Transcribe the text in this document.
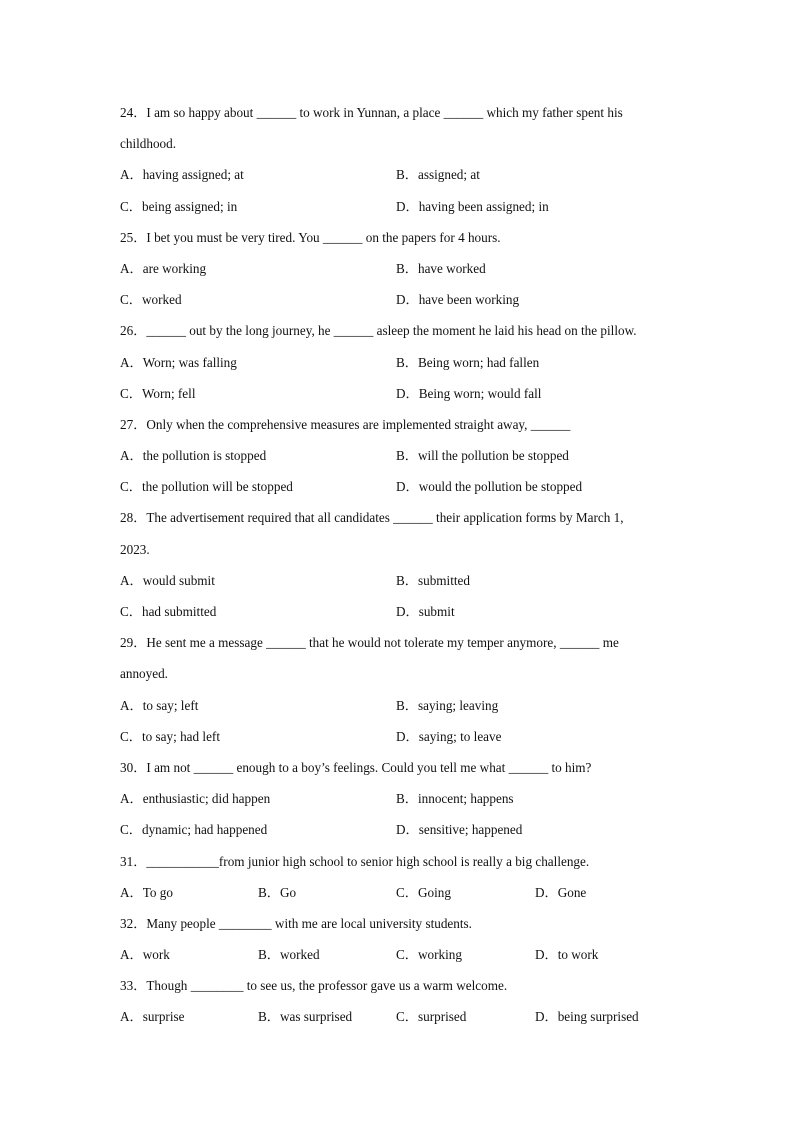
24．I am so happy about ______ to work in Yunnan, a place ______ which my father spent his
childhood.
A．having assigned; at	B．assigned; at
C．being assigned; in	D．having been assigned; in
25．I bet you must be very tired. You ______ on the papers for 4 hours.
A．are working	B．have worked
C．worked	D．have been working
26．______ out by the long journey, he ______ asleep the moment he laid his head on the pillow.
A．Worn; was falling	B．Being worn; had fallen
C．Worn; fell	D．Being worn; would fall
27．Only when the comprehensive measures are implemented straight away, ______
A．the pollution is stopped	B．will the pollution be stopped
C．the pollution will be stopped	D．would the pollution be stopped
28．The advertisement required that all candidates ______ their application forms by March 1,
2023.
A．would submit	B．submitted
C．had submitted	D．submit
29．He sent me a message ______ that he would not tolerate my temper anymore, ______ me
annoyed.
A．to say; left	B．saying; leaving
C．to say; had left	D．saying; to leave
30．I am not ______ enough to a boy’s feelings. Could you tell me what ______ to him?
A．enthusiastic; did happen	B．innocent; happens
C．dynamic; had happened	D．sensitive; happened
31．___________from junior high school to senior high school is really a big challenge.
A．To go	B．Go	C．Going	D．Gone
32．Many people ________ with me are local university students.
A．work	B．worked	C．working	D．to work
33．Though ________ to see us, the professor gave us a warm welcome.
A．surprise	B．was surprised	C．surprised	D．being surprised
